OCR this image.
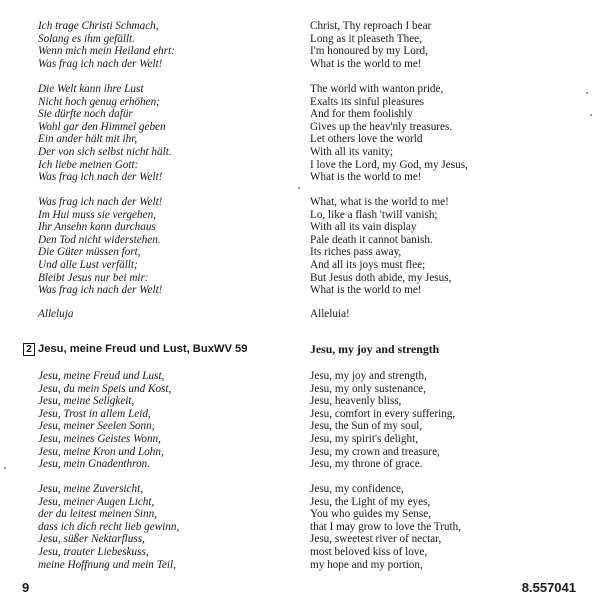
Ich trage Christi Schmach,
Solang es ihm gefällt.
Wenn mich mein Heiland ehrt:
Was frag ich nach der Welt!
Die Welt kann ihre Lust
Nicht hoch genug erhöhen;
Sie dürfte noch dafür
Wohl gar den Himmel geben
Ein ander hält mit ihr,
Der von sich selbst nicht hält.
Ich liebe meinen Gott:
Was frag ich nach der Welt!
Was frag ich nach der Welt!
Im Hui muss sie vergehen,
Ihr Ansehn kann durchaus
Den Tod nicht widerstehen.
Die Güter müssen fort,
Und alle Lust verfällt;
Bleibt Jesus nur bei mir:
Was frag ich nach der Welt!
Alleluja
Jesu, meine Freud und Lust, BuxWV 59
Jesu, meine Freud und Lust,
Jesu, du mein Speis und Kost,
Jesu, meine Seligkeit,
Jesu, Trost in allem Leid,
Jesu, meiner Seelen Sonn,
Jesu, meines Geistes Wonn,
Jesu, meine Kron und Lohn,
Jesu, mein Gnadenthron.
Jesu, meine Zuversicht,
Jesu, meiner Augen Licht,
der du leitest meinen Sinn,
dass ich dich recht lieb gewinn,
Jesu, süßer Nektarfluss,
Jesu, trauter Liebeskuss,
meine Hoffnung und mein Teil,
2
Christ, Thy reproach I bear
Long as it pleaseth Thee,
I'm honoured by my Lord,
What is the world to me!
The world with wanton pride,
Exalts its sinful pleasures
And for them foolishly
Gives up the heav'nly treasures.
Let others love the world
With all its vanity;
I love the Lord, my God, my Jesus,
What is the world to me!
What, what is the world to me!
Lo, like a flash 'twill vanish;
With all its vain display
Pale death it cannot banish.
Its riches pass away,
And all its joys must flee;
But Jesus doth abide, my Jesus,
What is the world to me!
Alleluia!
Jesu, my joy and strength
Jesu, my joy and strength,
Jesu, my only sustenance,
Jesu, heavenly bliss,
Jesu, comfort in every suffering,
Jesu, the Sun of my soul,
Jesu, my spirit's delight,
Jesu, my crown and treasure,
Jesu, my throne of grace.
Jesu, my confidence,
Jesu, the Light of my eyes,
You who guides my Sense,
that I may grow to love the Truth,
Jesu, sweetest river of nectar,
most beloved kiss of love,
my hope and my portion,
9	8.557041
